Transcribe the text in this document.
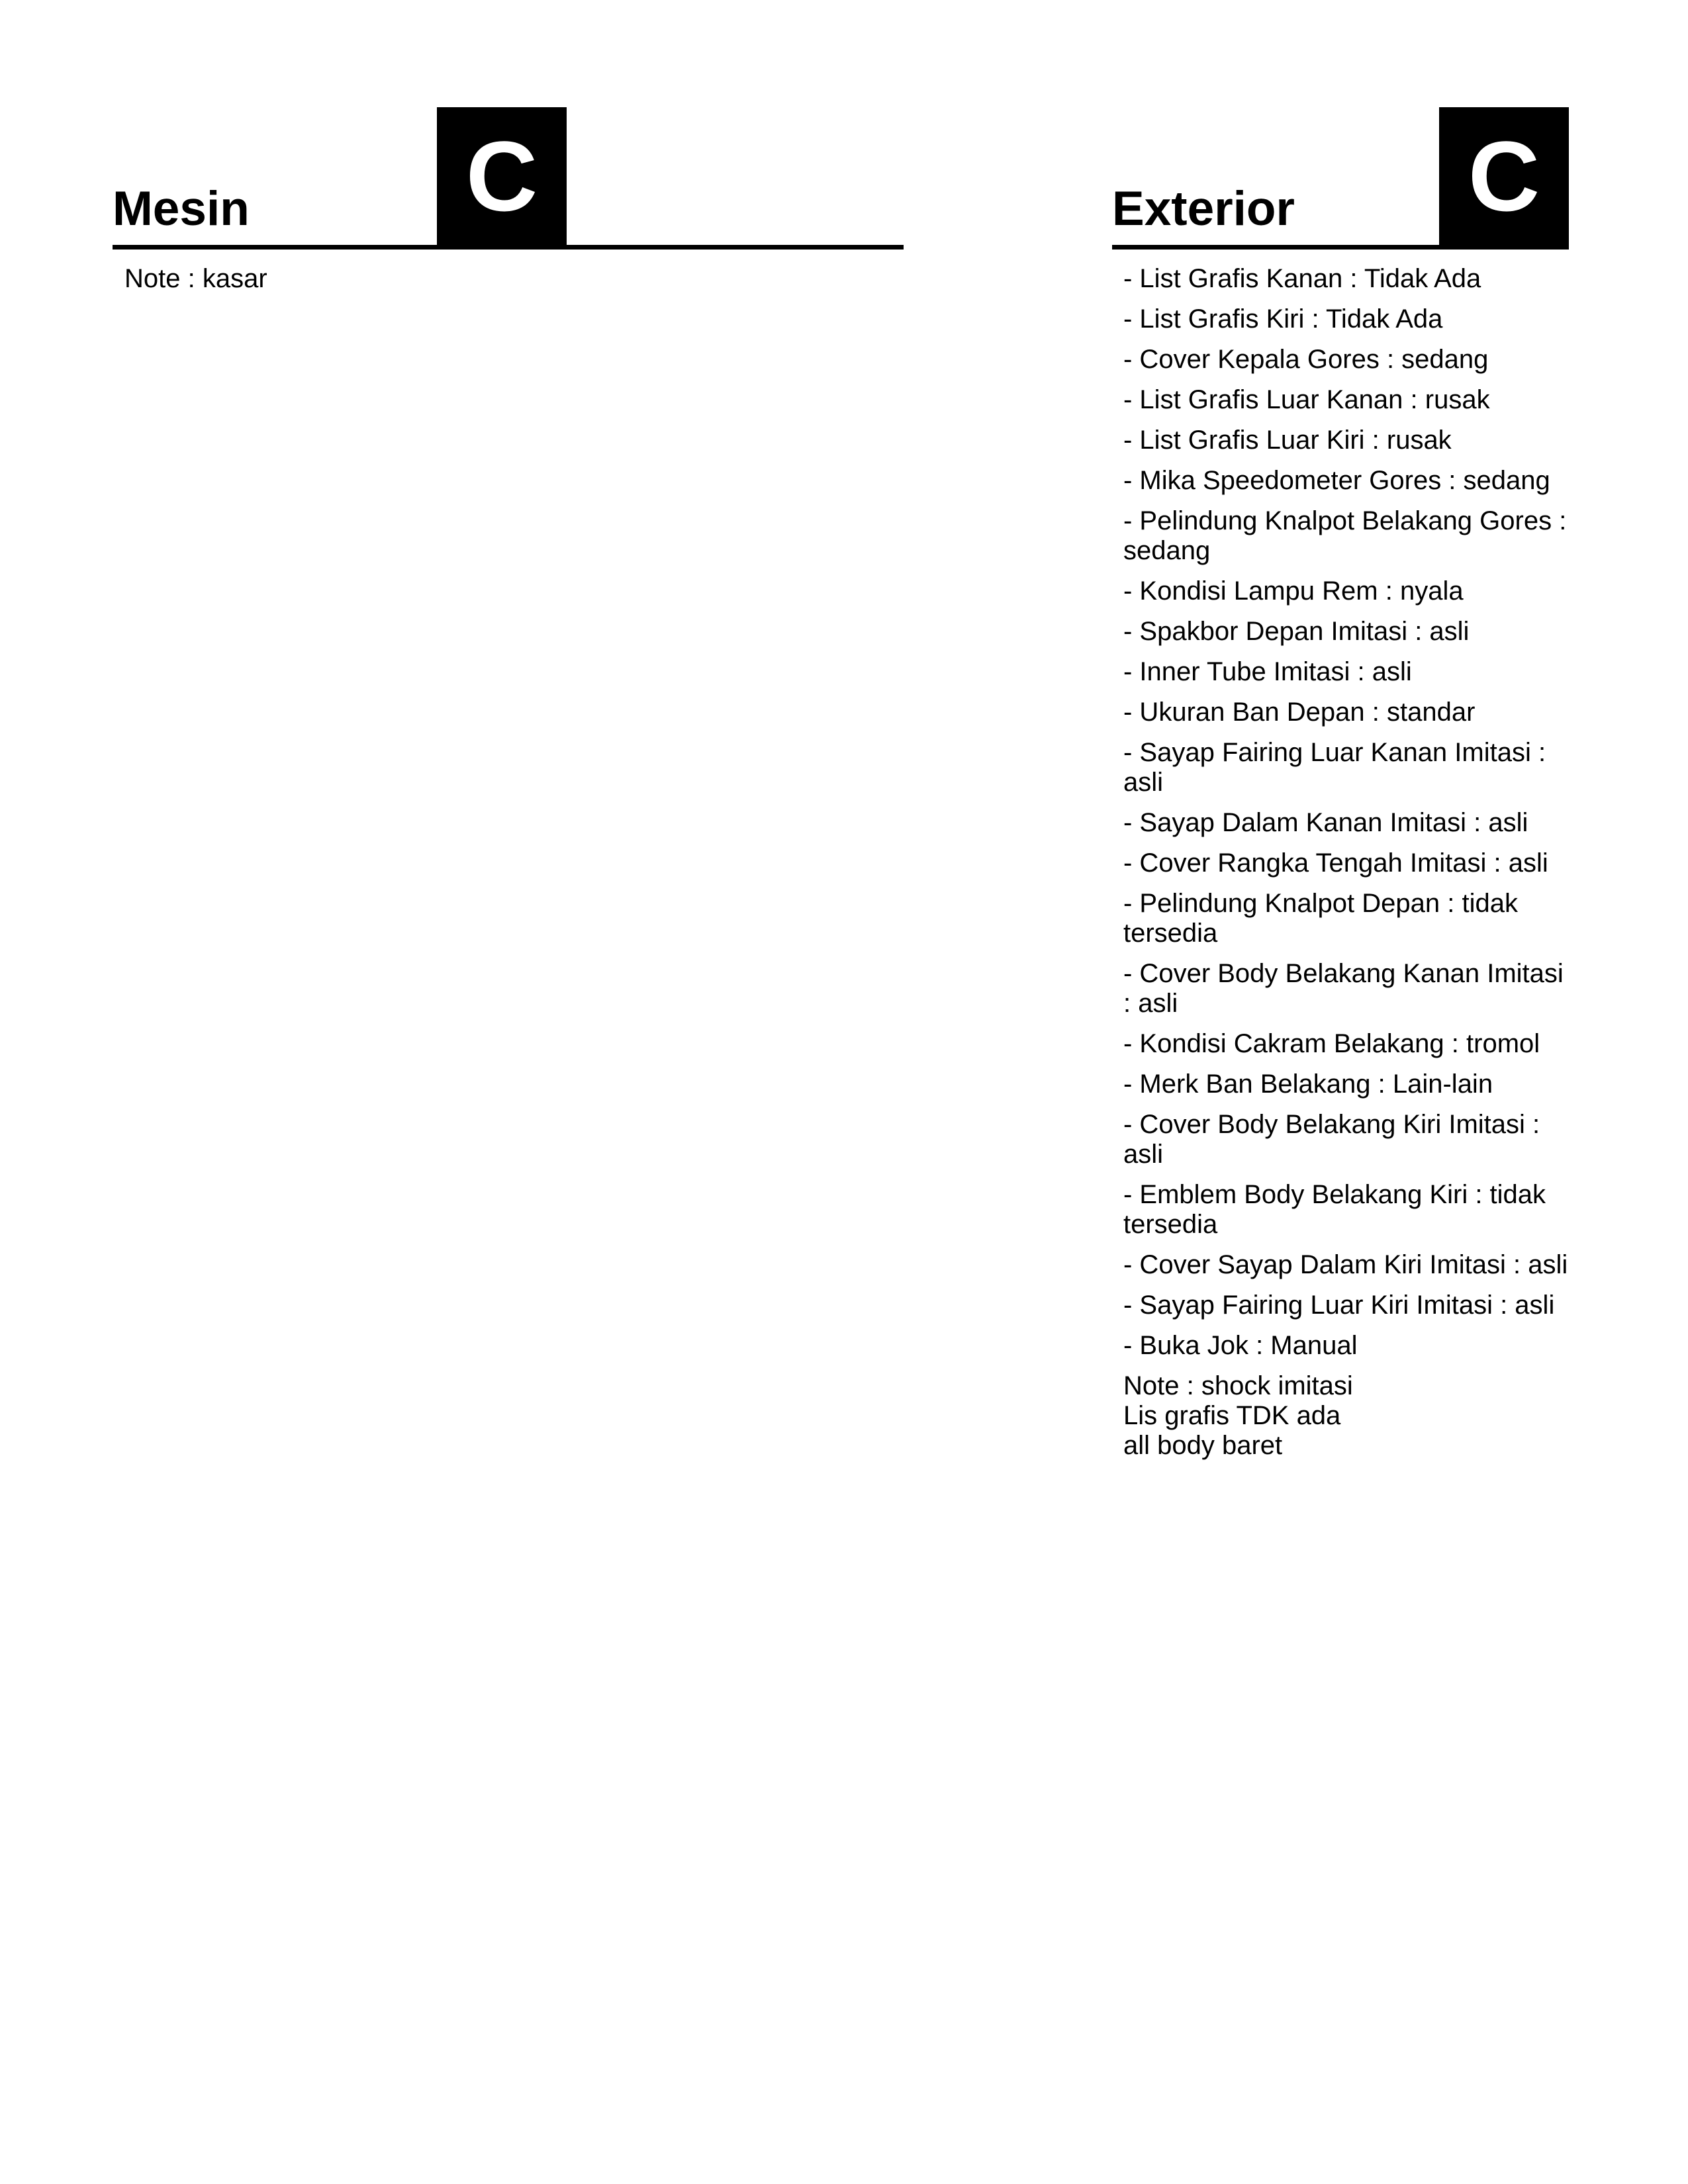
Mesin C
Note : kasar
Exterior C
- List Grafis Kanan : Tidak Ada
- List Grafis Kiri : Tidak Ada
- Cover Kepala Gores : sedang
- List Grafis Luar Kanan : rusak
- List Grafis Luar Kiri : rusak
- Mika Speedometer Gores : sedang
- Pelindung Knalpot Belakang Gores : sedang
- Kondisi Lampu Rem : nyala
- Spakbor Depan Imitasi : asli
- Inner Tube Imitasi : asli
- Ukuran Ban Depan : standar
- Sayap Fairing Luar Kanan Imitasi : asli
- Sayap Dalam Kanan Imitasi : asli
- Cover Rangka Tengah Imitasi : asli
- Pelindung Knalpot Depan : tidak tersedia
- Cover Body Belakang Kanan Imitasi : asli
- Kondisi Cakram Belakang : tromol
- Merk Ban Belakang : Lain-lain
- Cover Body Belakang Kiri Imitasi : asli
- Emblem Body Belakang Kiri : tidak tersedia
- Cover Sayap Dalam Kiri Imitasi : asli
- Sayap Fairing Luar Kiri Imitasi : asli
- Buka Jok : Manual
Note : shock imitasi
Lis grafis TDK ada
all body baret
